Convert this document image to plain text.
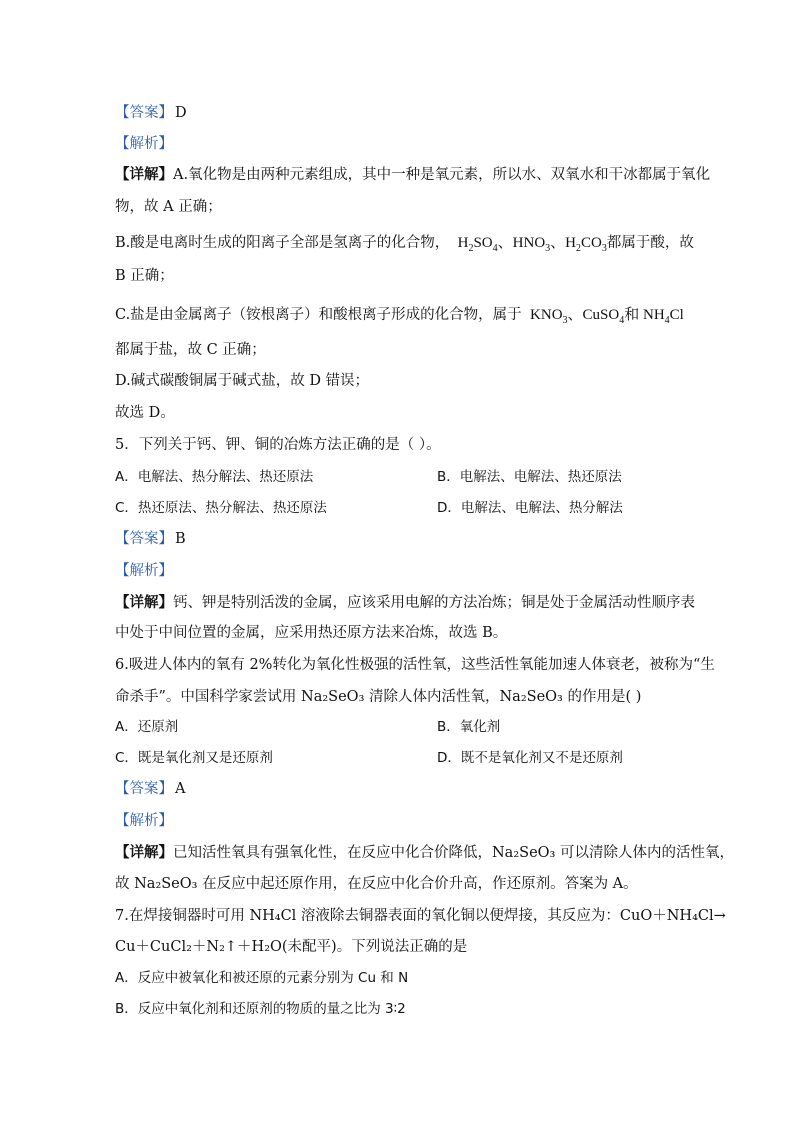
【答案】 D
【解析】
【详解】A.氧化物是由两种元素组成，其中一种是氧元素，所以水、双氧水和干冰都属于氧化
物，故 A 正确；
B.酸是电离时生成的阳离子全部是氢离子的化合物，  $H_2SO_4$、$HNO_3$、$H_2CO_3$都属于酸，故
B 正确；
C.盐是由金属离子（铵根离子）和酸根离子形成的化合物，属于  $KNO_3$、CuSO$_4$和 $NH_4Cl$
都属于盐，故 C 正确；
D.碱式碳酸铜属于碱式盐，故 D 错误；
故选 D。
5．下列关于钙、钾、铜的冶炼方法正确的是（ ）。
A．电解法、热分解法、热还原法	B．电解法、电解法、热还原法
C．热还原法、热分解法、热还原法	D．电解法、电解法、热分解法
【答案】 B
【解析】
【详解】钙、钾是特别活泼的金属，应该采用电解的方法冶炼；铜是处于金属活动性顺序表
中处于中间位置的金属，应采用热还原方法来冶炼，故选 B。
6.吸进人体内的氧有 2%转化为氧化性极强的活性氧，这些活性氧能加速人体衰老，被称为“生
命杀手”。中国科学家尝试用 Na₂SeO₃ 清除人体内活性氧，Na₂SeO₃ 的作用是( )
A．还原剂	B．氧化剂
C．既是氧化剂又是还原剂	D．既不是氧化剂又不是还原剂
【答案】 A
【解析】
【详解】已知活性氧具有强氧化性，在反应中化合价降低，Na₂SeO₃ 可以清除人体内的活性氧，
故 Na₂SeO₃ 在反应中起还原作用，在反应中化合价升高，作还原剂。答案为 A。
7.在焊接铜器时可用 NH₄Cl 溶液除去铜器表面的氧化铜以便焊接，其反应为：CuO＋NH₄Cl→
Cu＋CuCl₂＋N₂↑＋H₂O(未配平)。下列说法正确的是
A．反应中被氧化和被还原的元素分别为 Cu 和 N
B．反应中氧化剂和还原剂的物质的量之比为 3∶2
